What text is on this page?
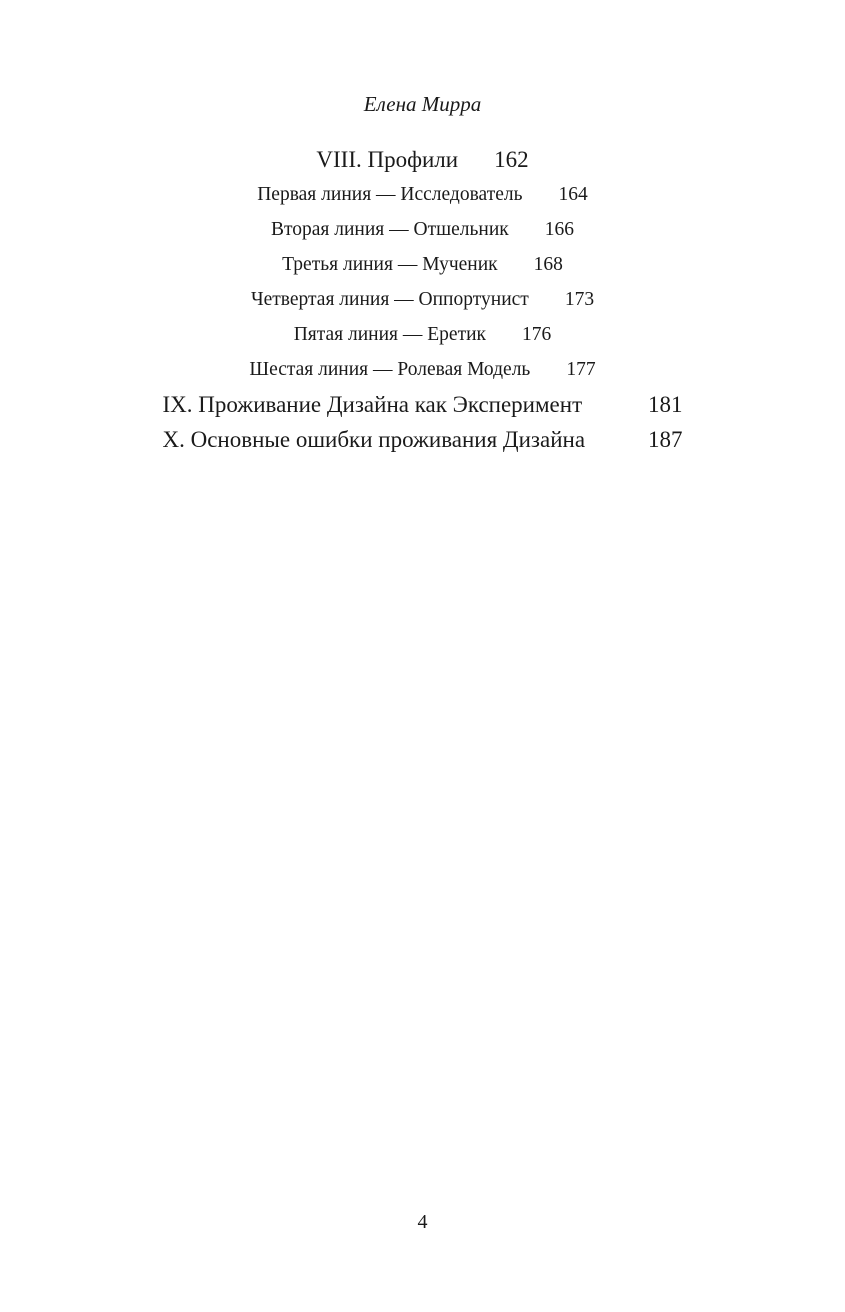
Елена Мирра
VIII. Профили 162
Первая линия — Исследователь 164
Вторая линия — Отшельник 166
Третья линия — Мученик 168
Четвертая линия — Оппортунист 173
Пятая линия — Еретик 176
Шестая линия — Ролевая Модель 177
IX. Проживание Дизайна как Эксперимент	181
X. Основные ошибки проживания Дизайна	187
4
